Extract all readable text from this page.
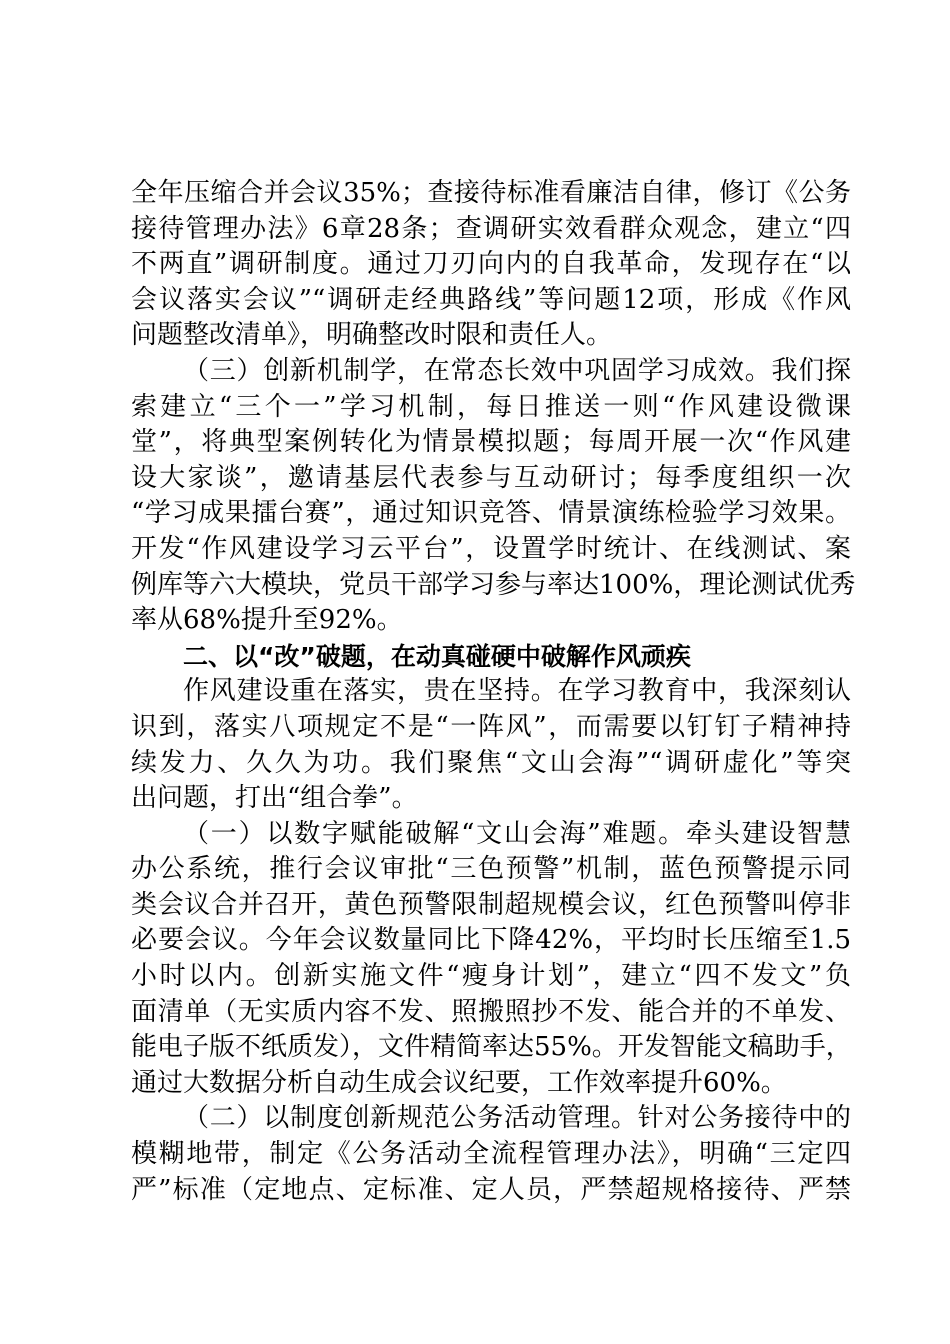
全年压缩合并会议35%；查接待标准看廉洁自律，修订《公务
接待管理办法》6章28条；查调研实效看群众观念，建立“四
不两直”调研制度。通过刀刃向内的自我革命，发现存在“以
会议落实会议”“调研走经典路线”等问题12项，形成《作风
问题整改清单》，明确整改时限和责任人。
（三）创新机制学，在常态长效中巩固学习成效。我们探
索建立“三个一”学习机制，每日推送一则“作风建设微课
堂”，将典型案例转化为情景模拟题；每周开展一次“作风建
设大家谈”，邀请基层代表参与互动研讨；每季度组织一次
“学习成果擂台赛”，通过知识竞答、情景演练检验学习效果。
开发“作风建设学习云平台”，设置学时统计、在线测试、案
例库等六大模块，党员干部学习参与率达100%，理论测试优秀
率从68%提升至92%。
二、以“改”破题，在动真碰硬中破解作风顽疾
作风建设重在落实，贵在坚持。在学习教育中，我深刻认
识到，落实八项规定不是“一阵风”，而需要以钉钉子精神持
续发力、久久为功。我们聚焦“文山会海”“调研虚化”等突
出问题，打出“组合拳”。
（一）以数字赋能破解“文山会海”难题。牵头建设智慧
办公系统，推行会议审批“三色预警”机制，蓝色预警提示同
类会议合并召开，黄色预警限制超规模会议，红色预警叫停非
必要会议。今年会议数量同比下降42%，平均时长压缩至1.5
小时以内。创新实施文件“瘦身计划”，建立“四不发文”负
面清单（无实质内容不发、照搬照抄不发、能合并的不单发、
能电子版不纸质发），文件精简率达55%。开发智能文稿助手，
通过大数据分析自动生成会议纪要，工作效率提升60%。
（二）以制度创新规范公务活动管理。针对公务接待中的
模糊地带，制定《公务活动全流程管理办法》，明确“三定四
严”标准（定地点、定标准、定人员，严禁超规格接待、严禁
